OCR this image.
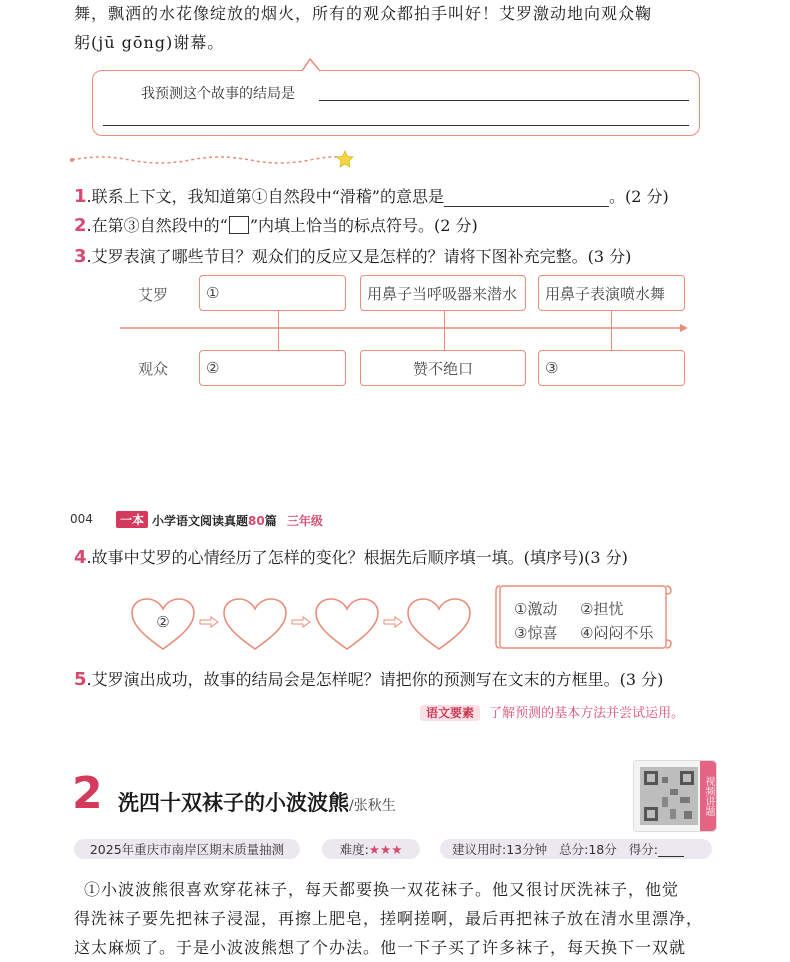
舞，飘洒的水花像绽放的烟火，所有的观众都拍手叫好！艾罗激动地向观众鞠
躬(jū gōng)谢幕。
我预测这个故事的结局是
1.联系上下文，我知道第①自然段中“滑稽”的意思是	。(2 分)
2.在第③自然段中的“ ”内填上恰当的标点符号。(2 分)
3.艾罗表演了哪些节目？观众们的反应又是怎样的？请将下图补充完整。(3 分)
艾罗
观众
①	用鼻子当呼吸器来潜水 用鼻子表演喷水舞
②	赞不绝口	③
004	一本 小学语文阅读真题80篇 三年级
4.故事中艾罗的心情经历了怎样的变化？根据先后顺序填一填。(填序号)(3 分)
②
①激动 ②担忧
③惊喜 ④闷闷不乐
5.艾罗演出成功，故事的结局会是怎样呢？请把你的预测写在文末的方框里。(3 分)
语文要素 了解预测的基本方法并尝试运用。
2 洗四十双袜子的小波波熊/张秋生	视频讲题
2025年重庆市南岸区期末质量抽测	难度: ★★★	建议用时:13分钟 总分:18分 得分:

①小波波熊很喜欢穿花袜子，每天都要换一双花袜子。他又很讨厌洗袜子，他觉
得洗袜子要先把袜子浸湿，再擦上肥皂，搓啊搓啊，最后再把袜子放在清水里漂净，
这太麻烦了。于是小波波熊想了个办法。他一下子买了许多袜子，每天换下一双就
